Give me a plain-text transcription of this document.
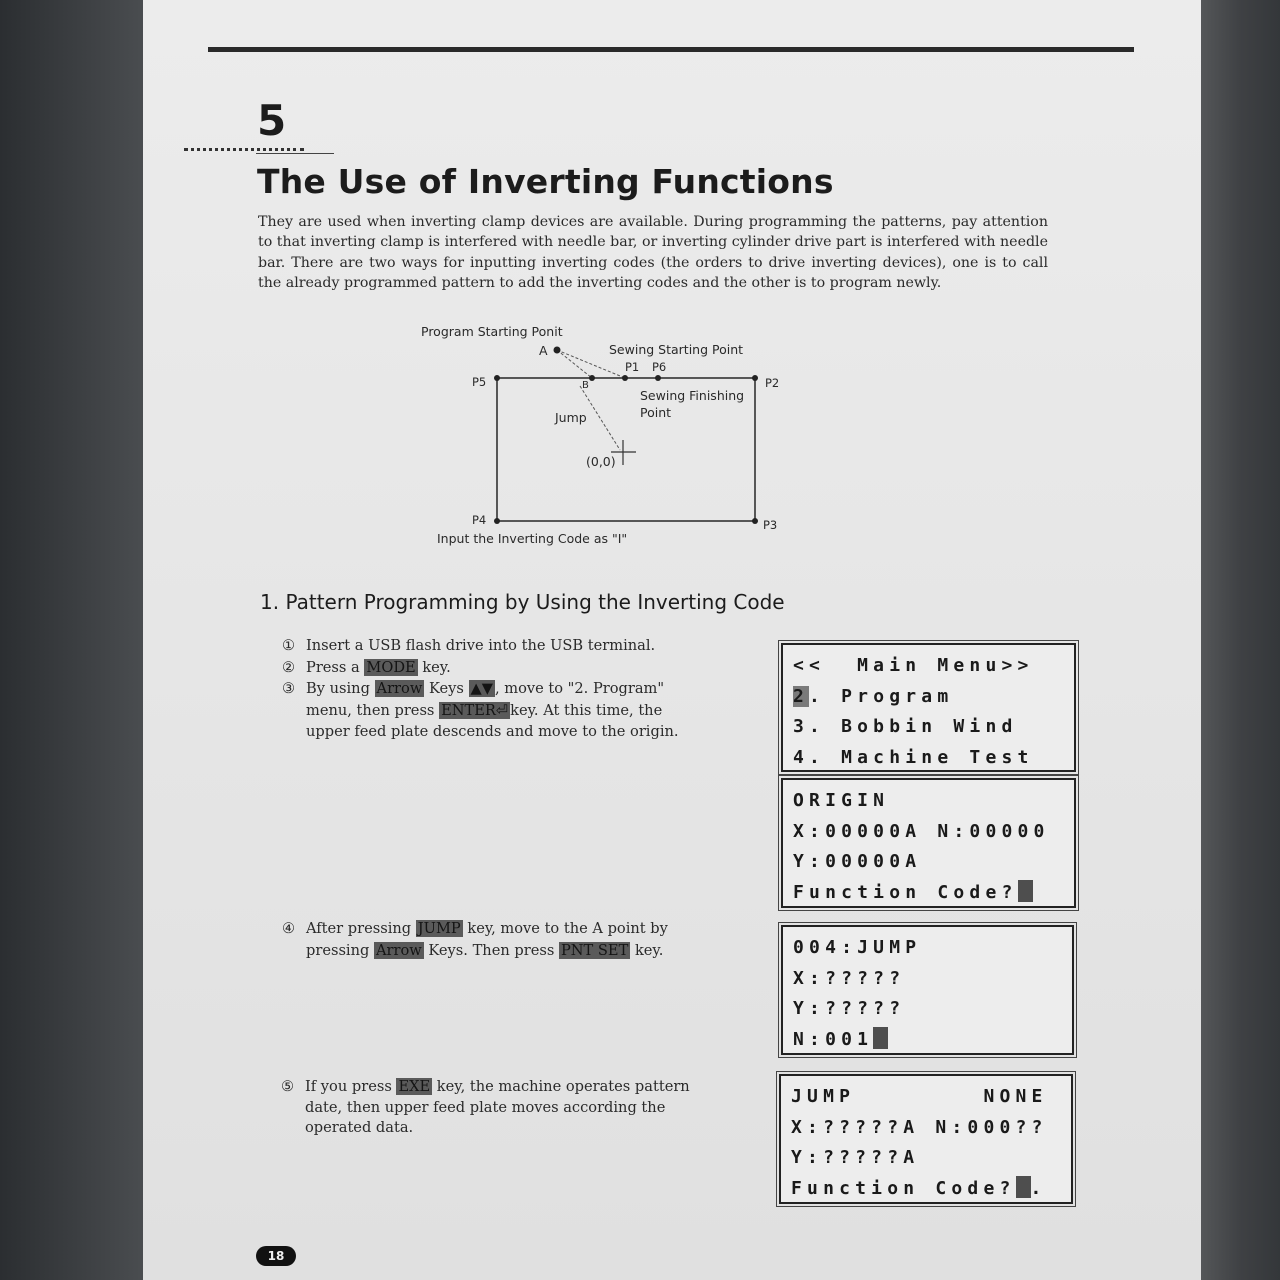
5
The Use of Inverting Functions

They are used when inverting clamp devices are available. During programming the patterns, pay attention to that inverting clamp is interfered with needle bar, or inverting cylinder drive part is interfered with needle bar. There are two ways for inputting inverting codes (the orders to drive inverting devices), one is to call the already programmed pattern to add the inverting codes and the other is to program newly.

Program Starting Ponit
A	Sewing Starting Point
P1 P6
P2
P5	B
Sewing Finishing
Point
Jump
(0,0)
P4	P3
Input the Inverting Code as "I"
1. Pattern Programming by Using the Inverting Code
① Insert a USB flash drive into the USB terminal.
② Press a MODE key.
③ By using Arrow Keys ▲▼ , move to "2. Program"
menu, then press ENTER⏎ key. At this time, the
upper feed plate descends and move to the origin.
④ After pressing JUMP key, move to the A point by
pressing Arrow Keys. Then press PNT SET key.
⑤ If you press EXE key, the machine operates pattern
date, then upper feed plate moves according the
operated data.
<<  Main Menu>>
2. Program
3. Bobbin Wind
4. Machine Test
ORIGIN
X:00000A N:00000
Y:00000A
Function Code?
004:JUMP
X:?????
Y:?????
N:001
JUMP        NONE
X:?????A N:000??
Y:?????A
Function Code? .
18
